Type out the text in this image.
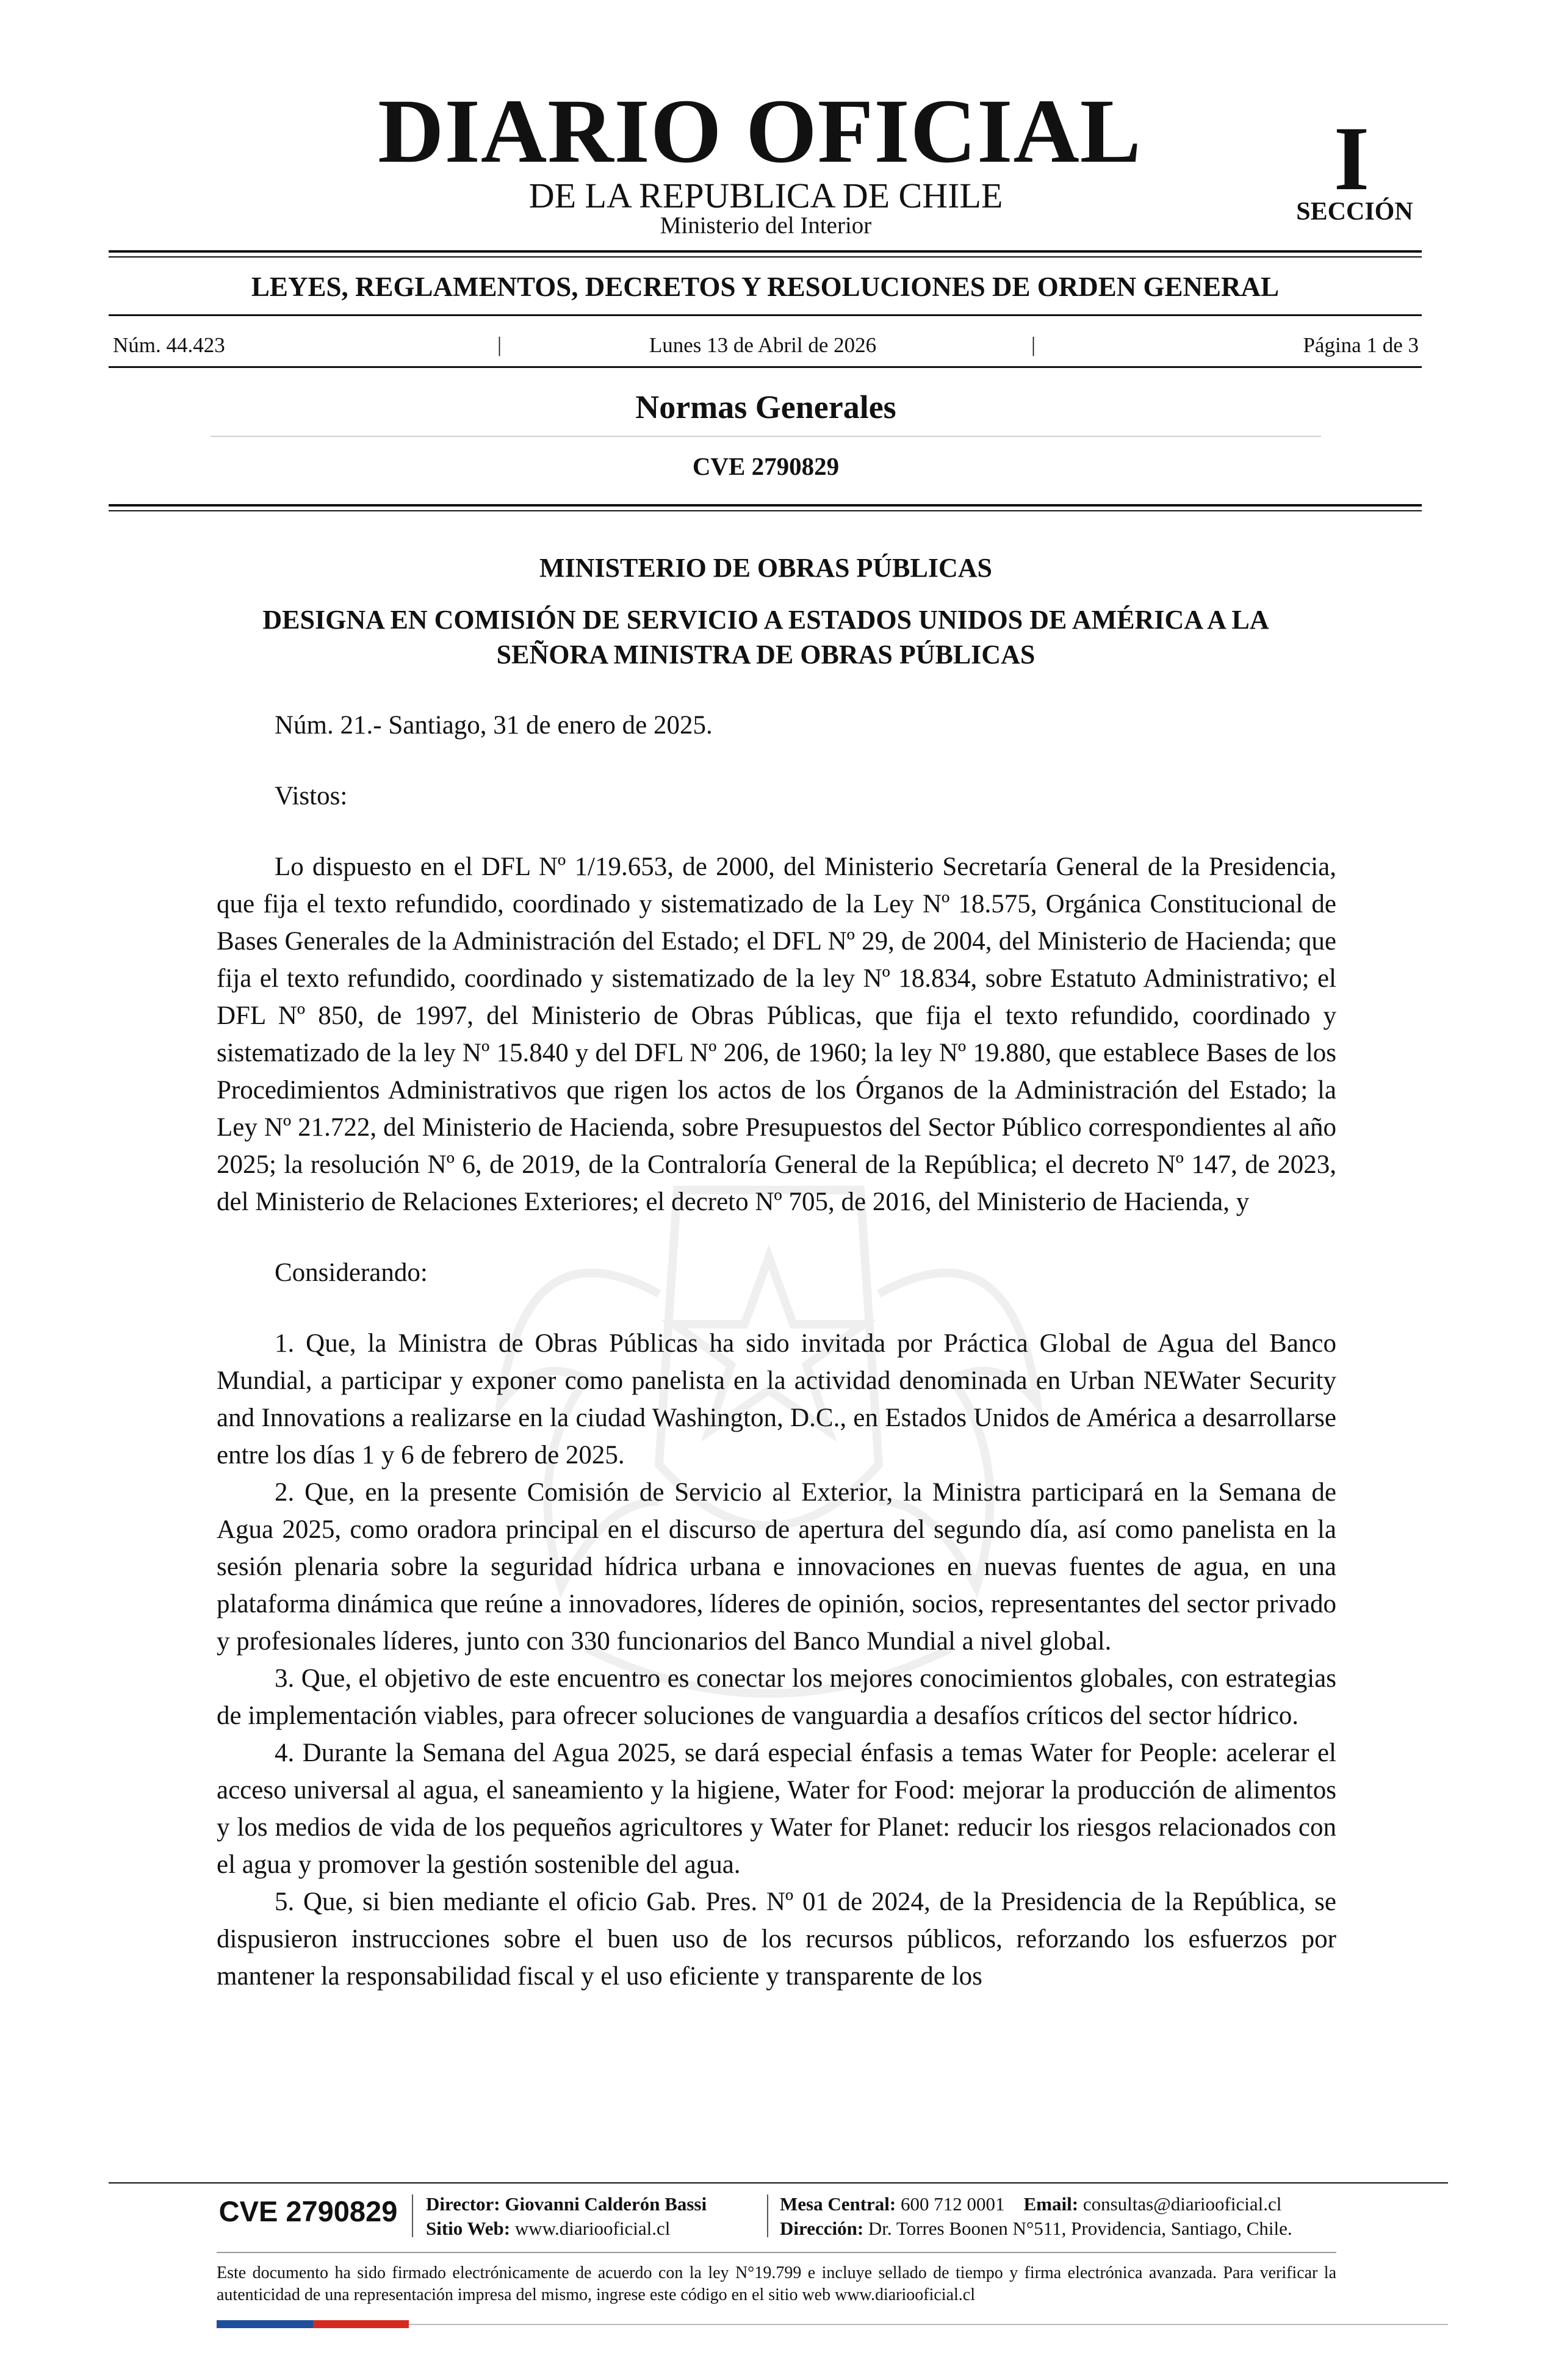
DIARIO OFICIAL
DE LA REPUBLICA DE CHILE
Ministerio del Interior
I
SECCIÓN
LEYES, REGLAMENTOS, DECRETOS Y RESOLUCIONES DE ORDEN GENERAL
Núm. 44.423	|	Lunes 13 de Abril de 2026	|	Página 1 de 3
Normas Generales
CVE 2790829
MINISTERIO DE OBRAS PÚBLICAS
DESIGNA EN COMISIÓN DE SERVICIO A ESTADOS UNIDOS DE AMÉRICA A LA
SEÑORA MINISTRA DE OBRAS PÚBLICAS

Núm. 21.- Santiago, 31 de enero de 2025.

Vistos:

Lo dispuesto en el DFL Nº 1/19.653, de 2000, del Ministerio Secretaría General de la Presidencia, que fija el texto refundido, coordinado y sistematizado de la Ley Nº 18.575, Orgánica Constitucional de Bases Generales de la Administración del Estado; el DFL Nº 29, de 2004, del Ministerio de Hacienda; que fija el texto refundido, coordinado y sistematizado de la ley Nº 18.834, sobre Estatuto Administrativo; el DFL Nº 850, de 1997, del Ministerio de Obras Públicas, que fija el texto refundido, coordinado y sistematizado de la ley Nº 15.840 y del DFL Nº 206, de 1960; la ley Nº 19.880, que establece Bases de los Procedimientos Administrativos que rigen los actos de los Órganos de la Administración del Estado; la Ley Nº 21.722, del Ministerio de Hacienda, sobre Presupuestos del Sector Público correspondientes al año 2025; la resolución Nº 6, de 2019, de la Contraloría General de la República; el decreto Nº 147, de 2023, del Ministerio de Relaciones Exteriores; el decreto Nº 705, de 2016, del Ministerio de Hacienda, y

Considerando:

1. Que, la Ministra de Obras Públicas ha sido invitada por Práctica Global de Agua del Banco Mundial, a participar y exponer como panelista en la actividad denominada en Urban NEWater Security and Innovations a realizarse en la ciudad Washington, D.C., en Estados Unidos de América a desarrollarse entre los días 1 y 6 de febrero de 2025.

2. Que, en la presente Comisión de Servicio al Exterior, la Ministra participará en la Semana de Agua 2025, como oradora principal en el discurso de apertura del segundo día, así como panelista en la sesión plenaria sobre la seguridad hídrica urbana e innovaciones en nuevas fuentes de agua, en una plataforma dinámica que reúne a innovadores, líderes de opinión, socios, representantes del sector privado y profesionales líderes, junto con 330 funcionarios del Banco Mundial a nivel global.

3. Que, el objetivo de este encuentro es conectar los mejores conocimientos globales, con estrategias de implementación viables, para ofrecer soluciones de vanguardia a desafíos críticos del sector hídrico.

4. Durante la Semana del Agua 2025, se dará especial énfasis a temas Water for People: acelerar el acceso universal al agua, el saneamiento y la higiene, Water for Food: mejorar la producción de alimentos y los medios de vida de los pequeños agricultores y Water for Planet: reducir los riesgos relacionados con el agua y promover la gestión sostenible del agua.

5. Que, si bien mediante el oficio Gab. Pres. Nº 01 de 2024, de la Presidencia de la República, se dispusieron instrucciones sobre el buen uso de los recursos públicos, reforzando los esfuerzos por mantener la responsabilidad fiscal y el uso eficiente y transparente de los

CVE 2790829	Director: Giovanni Calderón Bassi
Sitio Web: www.diariooficial.cl
Mesa Central: 600 712 0001 Email: consultas@diariooficial.cl
Dirección: Dr. Torres Boonen N°511, Providencia, Santiago, Chile.
Este documento ha sido firmado electrónicamente de acuerdo con la ley N°19.799 e incluye sellado de tiempo y firma electrónica avanzada. Para verificar la autenticidad de una representación impresa del mismo, ingrese este código en el sitio web www.diariooficial.cl
